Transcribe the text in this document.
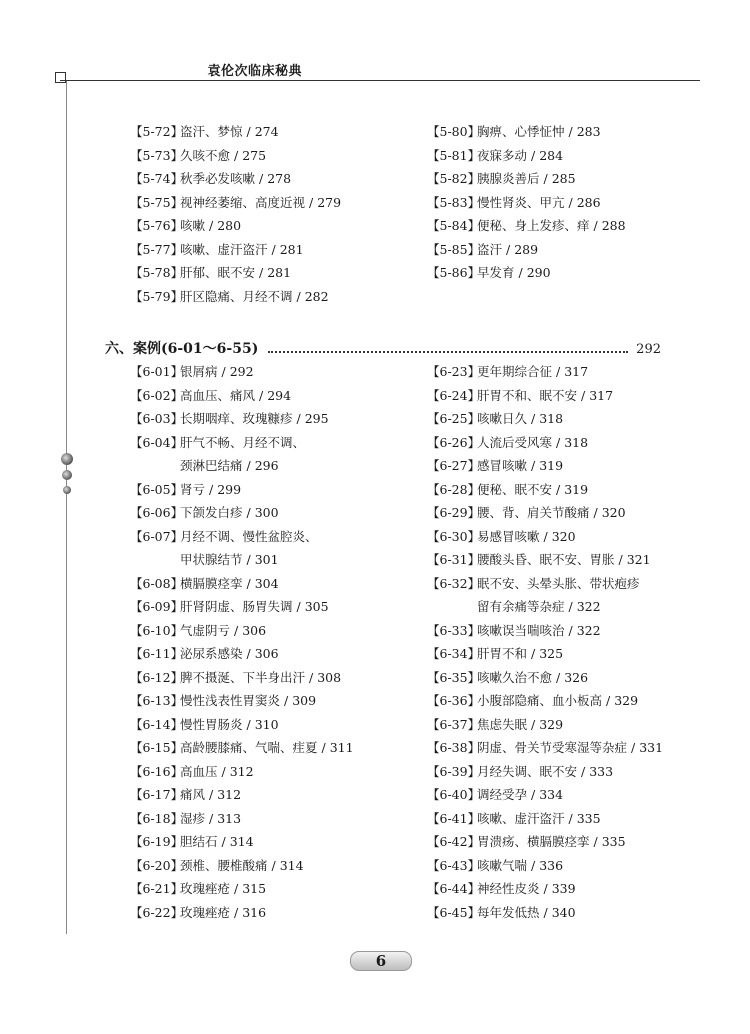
袁伦次临床秘典
【5-72】
盗汗、梦惊 / 274
【5-73】
久咳不愈 / 275
【5-74】
秋季必发咳嗽 / 278
【5-75】
视神经萎缩、高度近视 / 279
【5-76】
咳嗽 / 280
【5-77】
咳嗽、虚汗盗汗 / 281
【5-78】
肝郁、眠不安 / 281
【5-79】
肝区隐痛、月经不调 / 282
【5-80】
胸痹、心悸怔忡 / 283
【5-81】
夜寐多动 / 284
【5-82】
胰腺炎善后 / 285
【5-83】
慢性肾炎、甲亢 / 286
【5-84】
便秘、身上发疹、痒 / 288
【5-85】
盗汗 / 289
【5-86】
早发育 / 290
六、案例(6-01～6-55)	292
【6-01】
银屑病 / 292
【6-02】
高血压、痛风 / 294
【6-03】
长期咽痒、玫瑰糠疹 / 295
【6-04】
肝气不畅、月经不调、
颈淋巴结痛 / 296
【6-05】
肾亏 / 299
【6-06】
下颌发白疹 / 300
【6-07】
月经不调、慢性盆腔炎、
甲状腺结节 / 301
【6-08】
横膈膜痉挛 / 304
【6-09】
肝肾阴虚、肠胃失调 / 305
【6-10】
气虚阴亏 / 306
【6-11】
泌尿系感染 / 306
【6-12】
脾不摄涎、下半身出汗 / 308
【6-13】
慢性浅表性胃窦炎 / 309
【6-14】
慢性胃肠炎 / 310
【6-15】
高龄腰膝痛、气喘、疰夏 / 311
【6-16】
高血压 / 312
【6-17】
痛风 / 312
【6-18】
湿疹 / 313
【6-19】
胆结石 / 314
【6-20】
颈椎、腰椎酸痛 / 314
【6-21】
玫瑰痤疮 / 315
【6-22】
玫瑰痤疮 / 316
【6-23】
更年期综合征 / 317
【6-24】
肝胃不和、眠不安 / 317
【6-25】
咳嗽日久 / 318
【6-26】
人流后受风寒 / 318
【6-27】
感冒咳嗽 / 319
【6-28】
便秘、眠不安 / 319
【6-29】
腰、背、肩关节酸痛 / 320
【6-30】
易感冒咳嗽 / 320
【6-31】
腰酸头昏、眠不安、胃胀 / 321
【6-32】
眠不安、头晕头胀、带状疱疹
留有余痛等杂症 / 322
【6-33】
咳嗽误当喘咳治 / 322
【6-34】
肝胃不和 / 325
【6-35】
咳嗽久治不愈 / 326
【6-36】
小腹部隐痛、血小板高 / 329
【6-37】
焦虑失眠 / 329
【6-38】
阴虚、骨关节受寒湿等杂症 / 331
【6-39】
月经失调、眠不安 / 333
【6-40】
调经受孕 / 334
【6-41】
咳嗽、虚汗盗汗 / 335
【6-42】
胃溃疡、横膈膜痉挛 / 335
【6-43】
咳嗽气喘 / 336
【6-44】
神经性皮炎 / 339
【6-45】
每年发低热 / 340
6
